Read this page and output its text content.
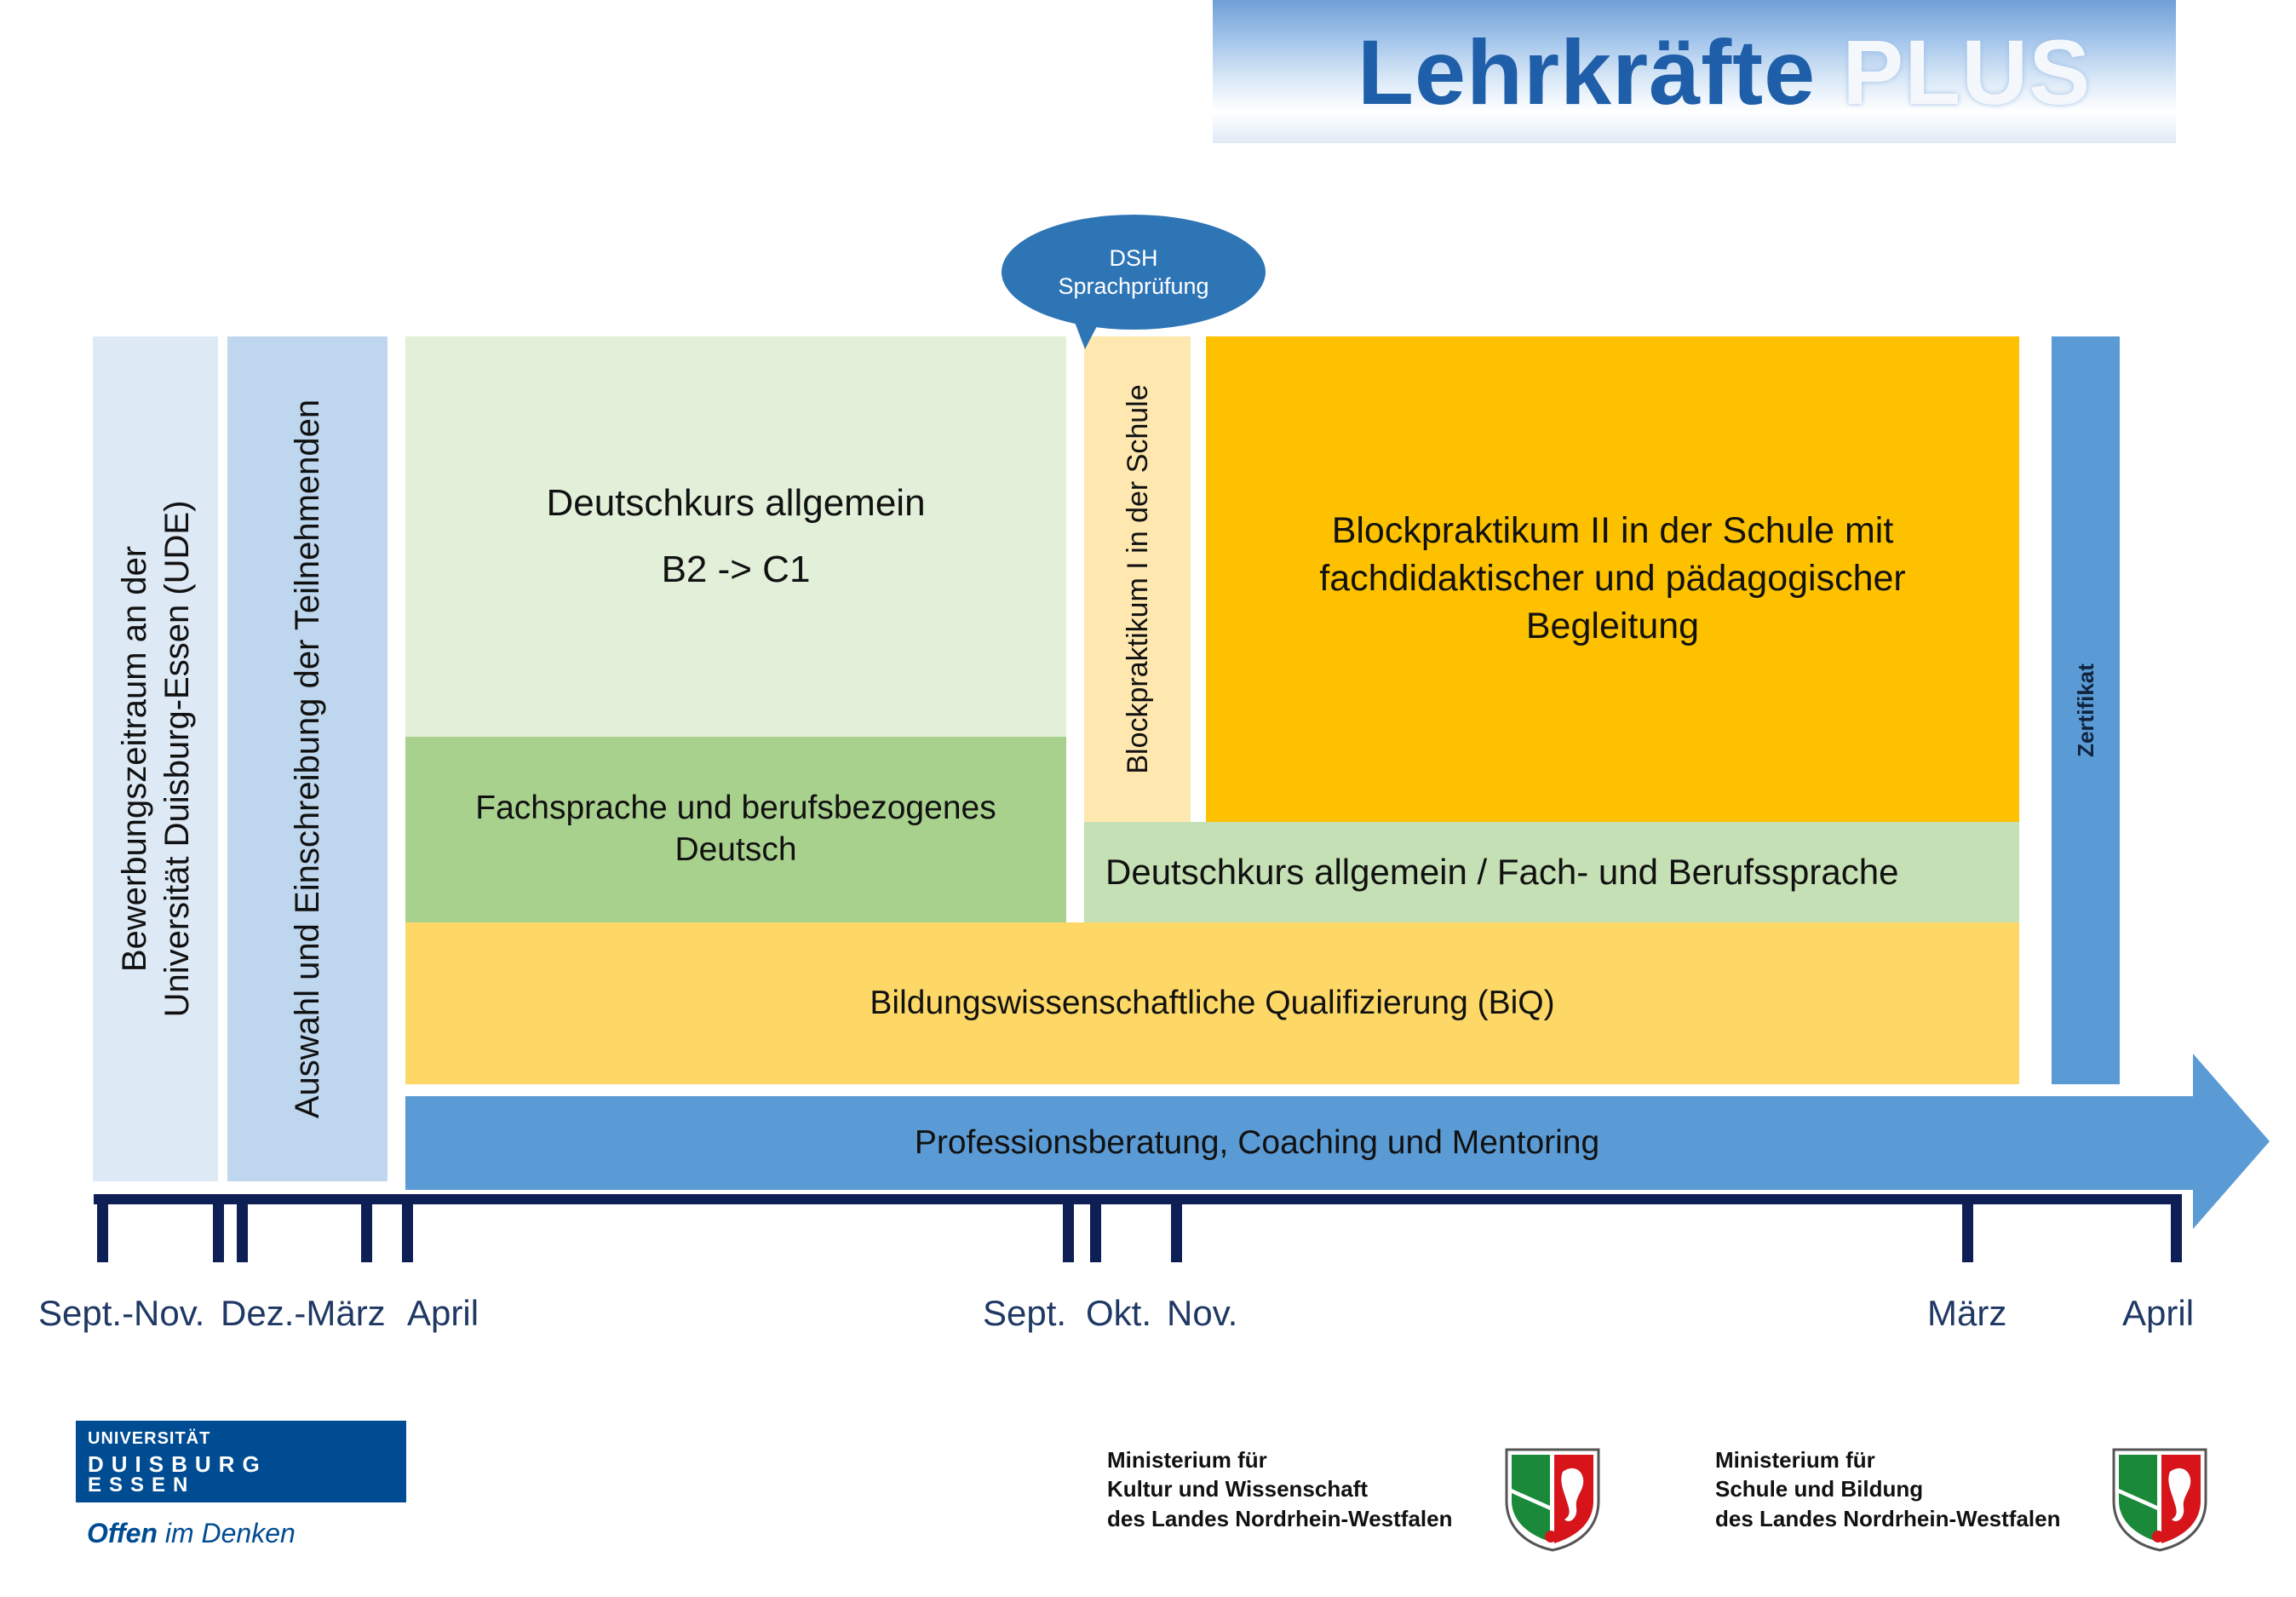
Lehrkräfte PLUS
Bewerbungszeitraum an der
Universität Duisburg-Essen (UDE)	Auswahl und Einschreibung der Teilnehmenden	Deutschkurs allgemein
B2 -> C1
Fachsprache und berufsbezogenes Deutsch
Blockpraktikum I in der Schule	Blockpraktikum II in der Schule mit fachdidaktischer und pädagogischer Begleitung
Deutschkurs allgemein / Fach- und Berufssprache
Bildungswissenschaftliche Qualifizierung (BiQ)
Zertifikat
Professionsberatung, Coaching und Mentoring
DSH
Sprachprüfung
Sept.-Nov. Dez.-März April	Sept. Okt. Nov.	März	April
UNIVERSITÄT
DUISBURG
ESSEN
Offen im Denken
Ministerium für
Kultur und Wissenschaft
des Landes Nordrhein-Westfalen
Ministerium für
Schule und Bildung
des Landes Nordrhein-Westfalen
